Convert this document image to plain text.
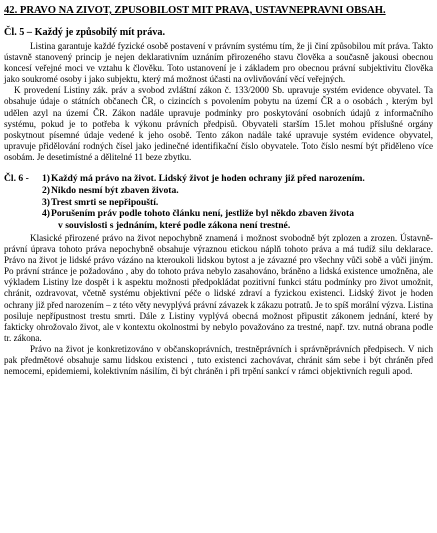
42. PRAVO NA ZIVOT, ZPUSOBILOST MIT PRAVA, USTAVNEPRAVNI OBSAH.
Čl. 5 – Každý je způsobilý mít práva.

Listina garantuje každé fyzické osobě postavení v právním systému tím, že ji činí způsobilou mít práva. Takto ústavně stanovený princip je nejen deklarativním uznáním přirozeného stavu člověka a současně jakousi obecnou koncesí veřejné moci ve vztahu k člověku. Toto ustanovení je i základem pro obecnou právní subjektivitu člověka jako soukromé osoby i jako subjektu, který má možnost účasti na ovlivňování věcí veřejných.

K provedení Listiny zák. práv a svobod zvláštní zákon č. 133/2000 Sb. upravuje systém evidence obyvatel. Ta obsahuje údaje o státních občanech ČR, o cizincích s povolením pobytu na území ČR a o osobách , kterým byl udělen azyl na území ČR. Zákon nadále upravuje podmínky pro poskytování osobních údajů z informačního systému, pokud je to potřeba k výkonu právních předpisů. Obyvateli starším 15.let mohou příslušné orgány poskytnout písemné údaje vedené k jeho osobě. Tento zákon nadále také upravuje systém evidence obyvatel, upravuje přidělování rodných čísel jako jedinečné identifikační číslo obyvatele. Toto číslo nesmí být přiděleno více osobám. Je desetimístné a dělitelné 11 beze zbytku.

Čl. 6 -	1) Každý má právo na život. Lidský život je hoden ochrany již před narozením.
2) Nikdo nesmí být zbaven života.
3) Trest smrti se nepřipouští.
4) Porušením práv podle tohoto článku není, jestliže byl někdo zbaven života
v souvislosti s jednáním, které podle zákona není trestné.

Klasické přirozené právo na život nepochybně znamená i možnost svobodně být zplozen a zrozen. Ústavně- právní úprava tohoto práva nepochybně obsahuje výraznou etickou náplň tohoto práva a má tudíž silu deklarace. Právo na život je lidské právo vázáno na kteroukoli lidskou bytost a je závazné pro všechny vůči sobě a vůči jiným. Po právní stránce je požadováno , aby do tohoto práva nebylo zasahováno, bráněno a lidská existence umožněna, ale výkladem Listiny lze dospět i k aspektu možnosti předpokládat pozitivní funkci státu podmínky pro život umožnit, chránit, ozdravovat, včetně systému objektivní péče o lidské zdraví a fyzickou existenci. Lidský život je hoden ochrany již před narozením – z této věty nevyplývá právní závazek k zákazu potratů. Je to spíš morální výzva. Listina posiluje nepřípustnost trestu smrti. Dále z Listiny vyplývá obecná možnost připustit zákonem jednání, které by fakticky ohrožovalo život, ale v kontextu okolnostmi by nebylo považováno za trestné, např. tzv. nutná obrana podle tr. zákona.

Právo na život je konkretizováno v občanskoprávních, trestněprávních i správněprávních předpisech. V nich pak předmětové obsahuje samu lidskou existenci , tuto existenci zachovávat, chránit sám sebe i být chráněn před nemocemi, epidemiemi, kolektivním násilím, či být chráněn i při trpění sankcí v rámci objektivních reguli apod.
